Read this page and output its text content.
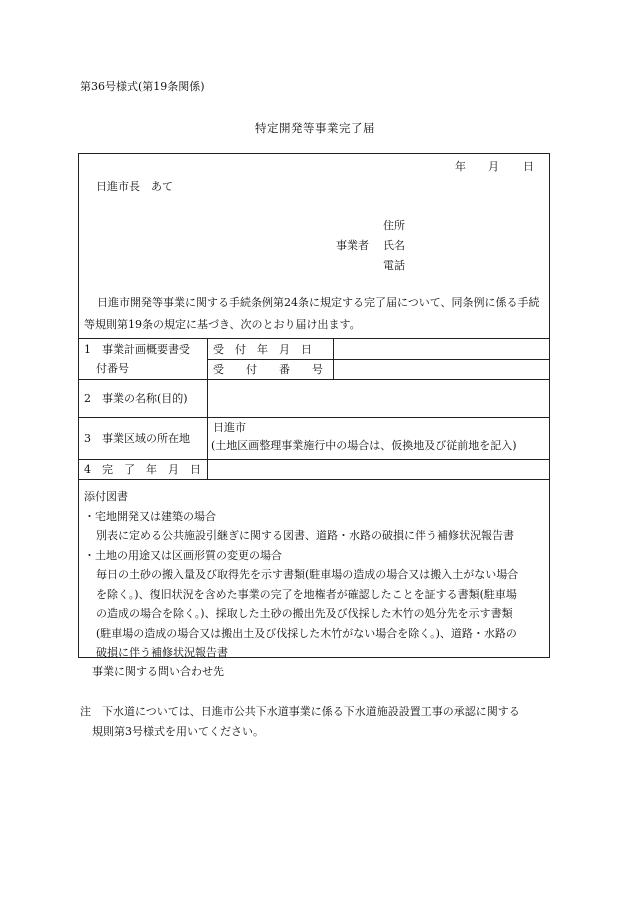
第36号様式(第19条関係)
特定開発等事業完了届
年 月 日
日進市長　あて
住所
事業者 氏名
電話
日進市開発等事業に関する手続条例第24条に規定する完了届について、同条例に係る手続等規則第19条の規定に基づき、次のとおり届け出ます。
1　事業計画概要書受
付番号
受　付　年　月　日
受　　付　　番　　号
2　事業の名称(目的)
3　事業区域の所在地
日進市
(土地区画整理事業施行中の場合は、仮換地及び従前地を記入)
4　完　了　年　月　日
添付図書
・宅地開発又は建築の場合
別表に定める公共施設引継ぎに関する図書、道路・水路の破損に伴う補修状況報告書
・土地の用途又は区画形質の変更の場合
毎日の土砂の搬入量及び取得先を示す書類(駐車場の造成の場合又は搬入土がない場合
を除く。)、復旧状況を含めた事業の完了を地権者が確認したことを証する書類(駐車場
の造成の場合を除く。)、採取した土砂の搬出先及び伐採した木竹の処分先を示す書類
(駐車場の造成の場合又は搬出土及び伐採した木竹がない場合を除く。)、道路・水路の
破損に伴う補修状況報告書
事業に関する問い合わせ先
注　下水道については、日進市公共下水道事業に係る下水道施設設置工事の承認に関する
規則第3号様式を用いてください。
